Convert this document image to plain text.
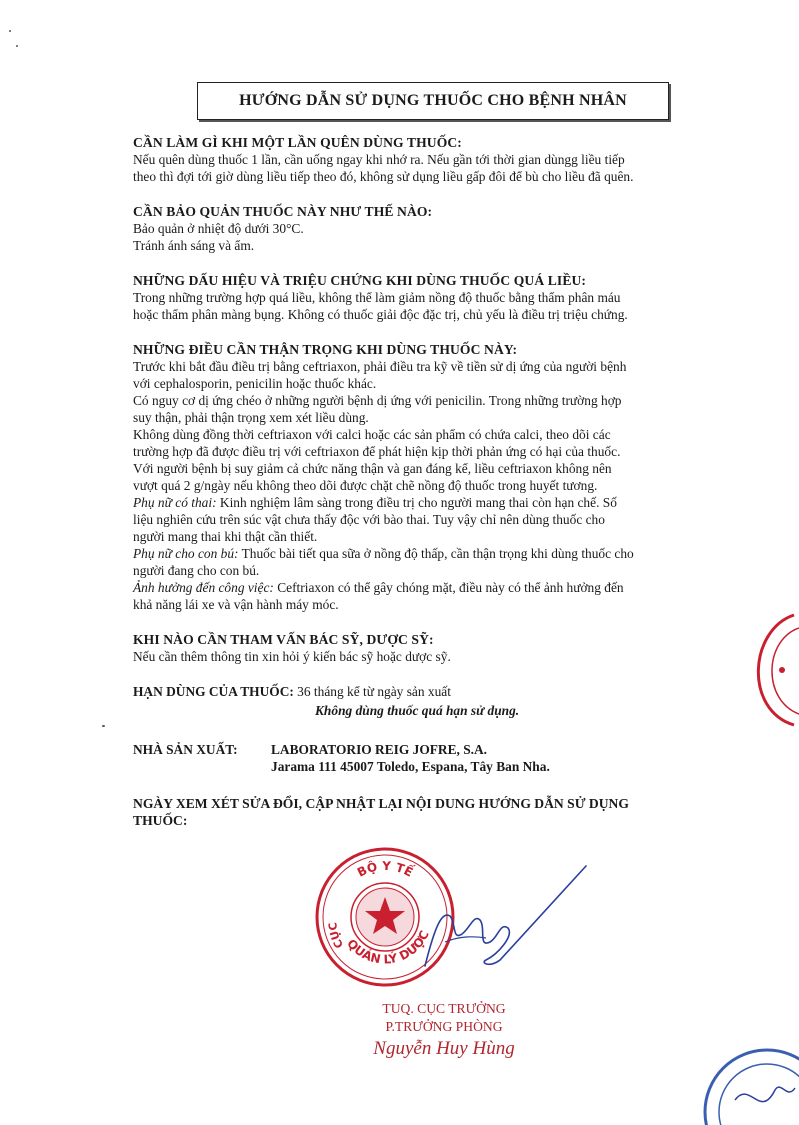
HƯỚNG DẪN SỬ DỤNG THUỐC CHO BỆNH NHÂN
CẦN LÀM GÌ KHI MỘT LẦN QUÊN DÙNG THUỐC:

Nếu quên dùng thuốc 1 lần, cần uống ngay khi nhớ ra. Nếu gần tới thời gian dùngg liều tiếp

theo thì đợi tới giờ dùng liều tiếp theo đó, không sử dụng liều gấp đôi để bù cho liều đã quên.

CẦN BẢO QUẢN THUỐC NÀY NHƯ THẾ NÀO:

Bảo quản ở nhiệt độ dưới 30°C.

Tránh ánh sáng và ẩm.

NHỮNG DẤU HIỆU VÀ TRIỆU CHỨNG KHI DÙNG THUỐC QUÁ LIỀU:

Trong những trường hợp quá liều, không thể làm giảm nồng độ thuốc bằng thẩm phân máu

hoặc thẩm phân màng bụng. Không có thuốc giải độc đặc trị, chủ yếu là điều trị triệu chứng.

NHỮNG ĐIỀU CẦN THẬN TRỌNG KHI DÙNG THUỐC NÀY:

Trước khi bắt đầu điều trị bằng ceftriaxon, phải điều tra kỹ về tiền sử dị ứng của người bệnh

với cephalosporin, penicilin hoặc thuốc khác.

Có nguy cơ dị ứng chéo ở những người bệnh dị ứng với penicilin. Trong những trường hợp

suy thận, phải thận trọng xem xét liều dùng.

Không dùng đồng thời ceftriaxon với calci hoặc các sản phẩm có chứa calci, theo dõi các

trường hợp đã được điều trị với ceftriaxon để phát hiện kịp thời phản ứng có hại của thuốc.

Với người bệnh bị suy giảm cả chức năng thận và gan đáng kể, liều ceftriaxon không nên

vượt quá 2 g/ngày nếu không theo dõi được chặt chẽ nồng độ thuốc trong huyết tương.

Phụ nữ có thai: Kinh nghiệm lâm sàng trong điều trị cho người mang thai còn hạn chế. Số

liệu nghiên cứu trên súc vật chưa thấy độc với bào thai. Tuy vậy chỉ nên dùng thuốc cho

người mang thai khi thật cần thiết.

Phụ nữ cho con bú: Thuốc bài tiết qua sữa ở nồng độ thấp, cần thận trọng khi dùng thuốc cho

người đang cho con bú.

Ảnh hưởng đến công việc: Ceftriaxon có thể gây chóng mặt, điều này có thể ảnh hưởng đến

khả năng lái xe và vận hành máy móc.

KHI NÀO CẦN THAM VẤN BÁC SỸ, DƯỢC SỸ:

Nếu cần thêm thông tin xin hỏi ý kiến bác sỹ hoặc dược sỹ.

HẠN DÙNG CỦA THUỐC: 36 tháng kể từ ngày sản xuất

Không dùng thuốc quá hạn sử dụng.

NHÀ SẢN XUẤT:	LABORATORIO REIG JOFRE, S.A.
Jarama 111 45007 Toledo, Espana, Tây Ban Nha.
NGÀY XEM XÉT SỬA ĐỔI, CẬP NHẬT LẠI NỘI DUNG HƯỚNG DẪN SỬ DỤNG
THUỐC:
BỘ Y TẾ
CỤC
QUẢN LÝ DƯỢC
TUQ. CỤC TRƯỞNG
P.TRƯỞNG PHÒNG
Nguyễn Huy Hùng
